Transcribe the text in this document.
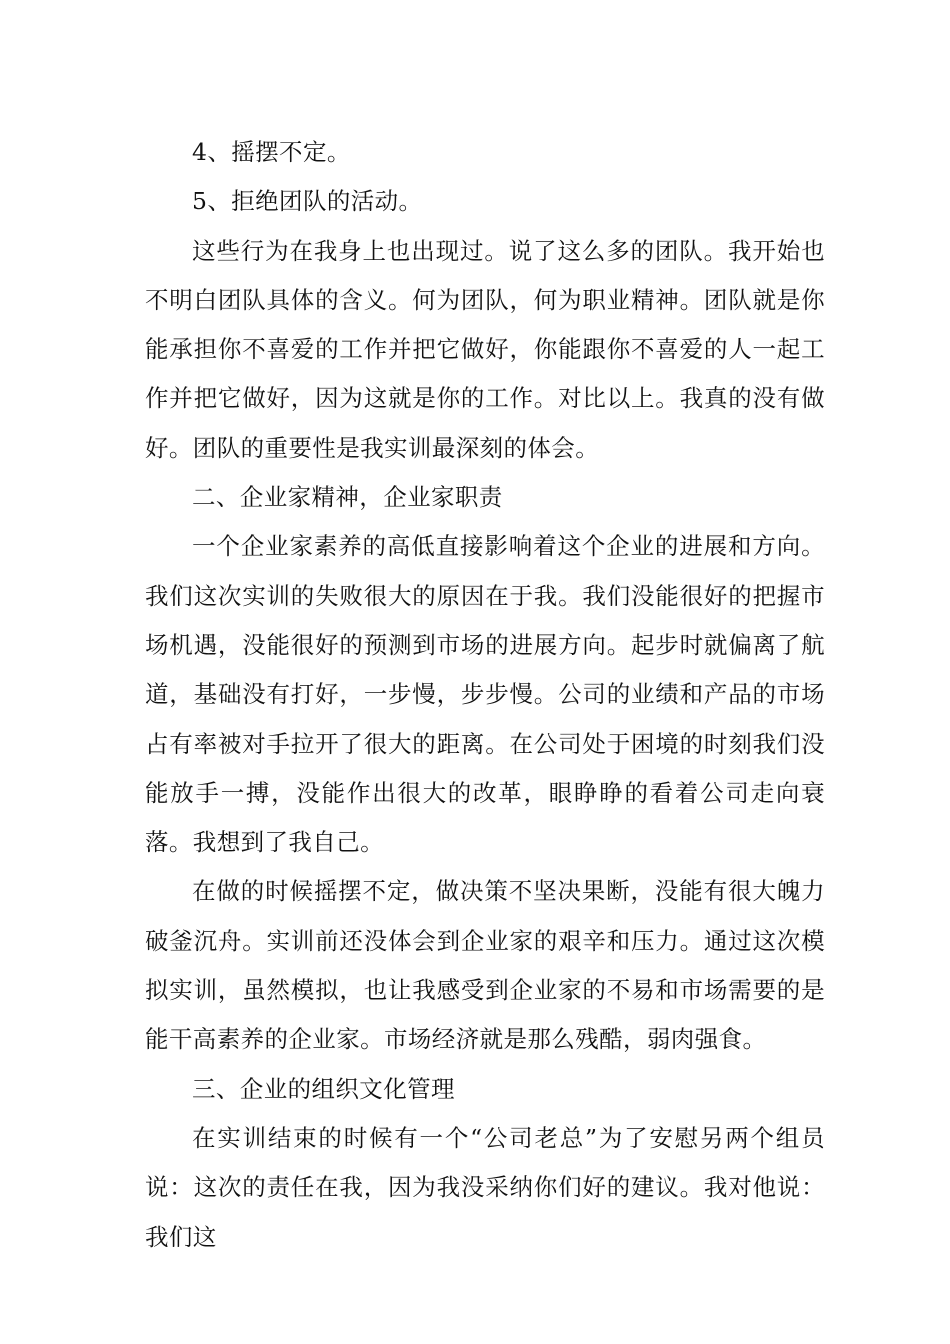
4、摇摆不定。

5、拒绝团队的活动。

这些行为在我身上也出现过。说了这么多的团队。我开始也不明白团队具体的含义。何为团队，何为职业精神。团队就是你能承担你不喜爱的工作并把它做好，你能跟你不喜爱的人一起工作并把它做好，因为这就是你的工作。对比以上。我真的没有做好。团队的重要性是我实训最深刻的体会。

二、企业家精神，企业家职责

一个企业家素养的高低直接影响着这个企业的进展和方向。我们这次实训的失败很大的原因在于我。我们没能很好的把握市场机遇，没能很好的预测到市场的进展方向。起步时就偏离了航道，基础没有打好，一步慢，步步慢。公司的业绩和产品的市场占有率被对手拉开了很大的距离。在公司处于困境的时刻我们没能放手一搏，没能作出很大的改革，眼睁睁的看着公司走向衰落。我想到了我自己。

在做的时候摇摆不定，做决策不坚决果断，没能有很大魄力破釜沉舟。实训前还没体会到企业家的艰辛和压力。通过这次模拟实训，虽然模拟，也让我感受到企业家的不易和市场需要的是能干高素养的企业家。市场经济就是那么残酷，弱肉强食。

三、企业的组织文化管理

在实训结束的时候有一个“公司老总”为了安慰另两个组员说：这次的责任在我，因为我没采纳你们好的建议。我对他说：我们这
